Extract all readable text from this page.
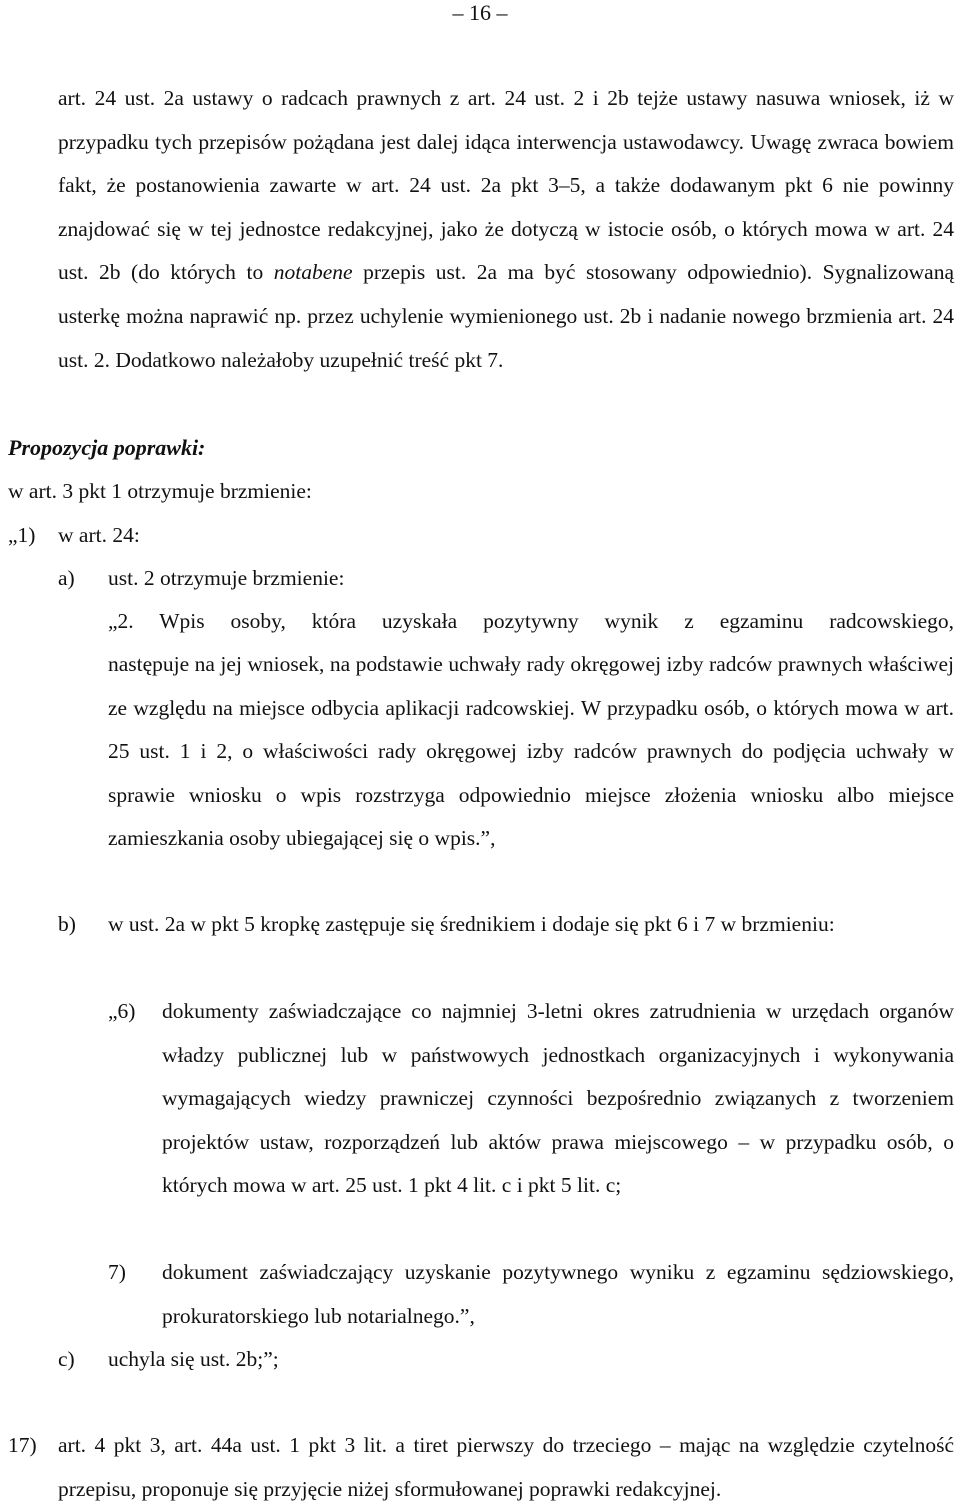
– 16 –

art. 24 ust. 2a ustawy o radcach prawnych z art. 24 ust. 2 i 2b tejże ustawy nasuwa wniosek, iż w przypadku tych przepisów pożądana jest dalej idąca interwencja ustawodawcy. Uwagę zwraca bowiem fakt, że postanowienia zawarte w art. 24 ust. 2a pkt 3–5, a także dodawanym pkt 6 nie powinny znajdować się w tej jednostce redakcyjnej, jako że dotyczą w istocie osób, o których mowa w art. 24 ust. 2b (do których to notabene przepis ust. 2a ma być stosowany odpowiednio). Sygnalizowaną usterkę można naprawić np. przez uchylenie wymienionego ust. 2b i nadanie nowego brzmienia art. 24 ust. 2. Dodatkowo należałoby uzupełnić treść pkt 7.

Propozycja poprawki:
w art. 3 pkt 1 otrzymuje brzmienie:
„1) w art. 24:
a) ust. 2 otrzymuje brzmienie:
„2. Wpis osoby, która uzyskała pozytywny wynik z egzaminu radcowskiego,

następuje na jej wniosek, na podstawie uchwały rady okręgowej izby radców prawnych właściwej ze względu na miejsce odbycia aplikacji radcowskiej. W przypadku osób, o których mowa w art. 25 ust. 1 i 2, o właściwości rady okręgowej izby radców prawnych do podjęcia uchwały w sprawie wniosku o wpis rozstrzyga odpowiednio miejsce złożenia wniosku albo miejsce zamieszkania osoby ubiegającej się o wpis.”,

b) w ust. 2a w pkt 5 kropkę zastępuje się średnikiem i dodaje się pkt 6 i 7 w brzmieniu:

„6) dokumenty zaświadczające co najmniej 3-letni okres zatrudnienia w urzędach organów władzy publicznej lub w państwowych jednostkach organizacyjnych i wykonywania wymagających wiedzy prawniczej czynności bezpośrednio związanych z tworzeniem projektów ustaw, rozporządzeń lub aktów prawa miejscowego – w przypadku osób, o których mowa w art. 25 ust. 1 pkt 4 lit. c i pkt 5 lit. c;

7) dokument zaświadczający uzyskanie pozytywnego wyniku z egzaminu sędziowskiego, prokuratorskiego lub notarialnego.”,

c) uchyla się ust. 2b;”;
17) art. 4 pkt 3, art. 44a ust. 1 pkt 3 lit. a tiret pierwszy do trzeciego – mając na względzie czytelność przepisu, proponuje się przyjęcie niżej sformułowanej poprawki redakcyjnej.
